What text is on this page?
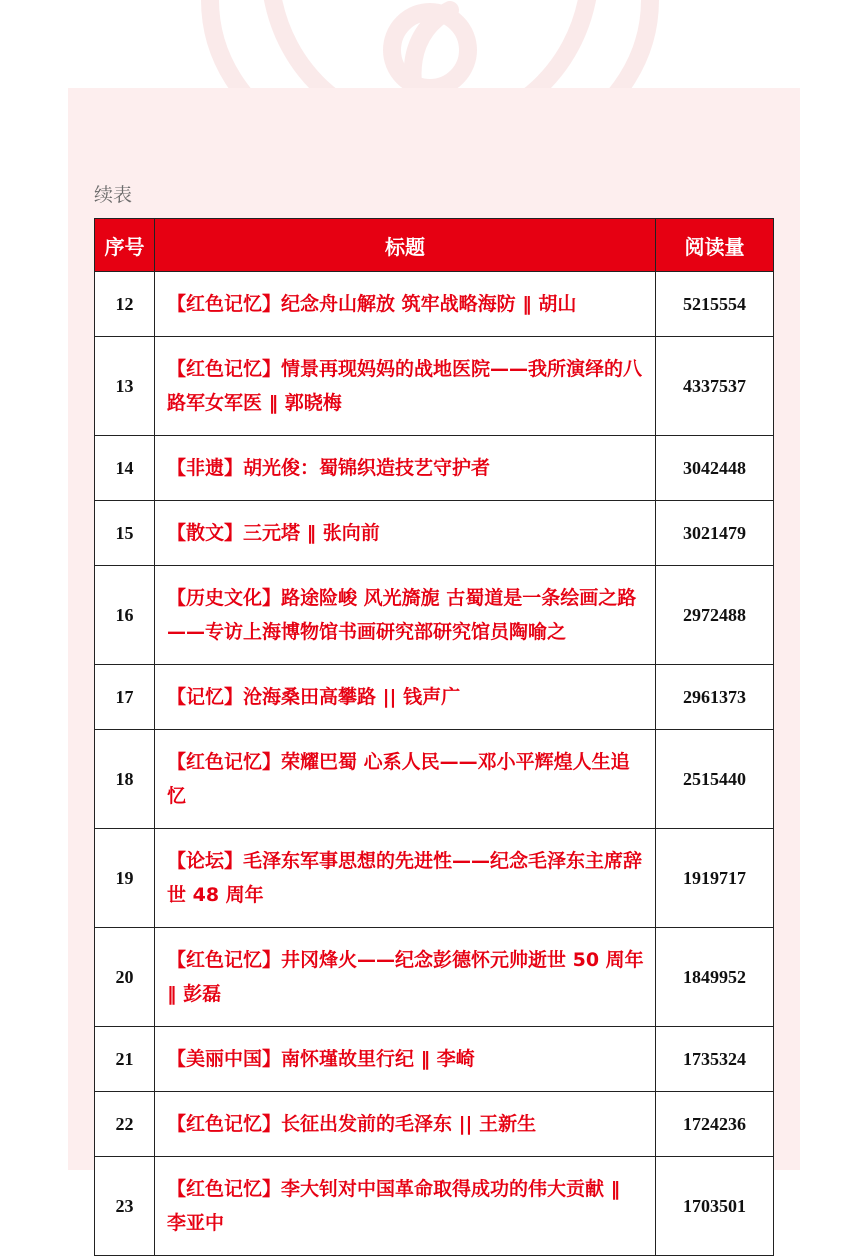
续表
序号	标题	阅读量
12	【红色记忆】纪念舟山解放 筑牢战略海防 ‖ 胡山	5215554
13	【红色记忆】情景再现妈妈的战地医院——我所演绎的八路军女军医 ‖ 郭晓梅	4337537
14	【非遗】胡光俊：蜀锦织造技艺守护者	3042448
15	【散文】三元塔 ‖ 张向前	3021479
16	【历史文化】路途险峻 风光旖旎 古蜀道是一条绘画之路——专访上海博物馆书画研究部研究馆员陶喻之	2972488
17	【记忆】沧海桑田高攀路 || 钱声广	2961373
18	【红色记忆】荣耀巴蜀 心系人民——邓小平辉煌人生追忆	2515440
19	【论坛】毛泽东军事思想的先进性——纪念毛泽东主席辞世 48 周年	1919717
20	【红色记忆】井冈烽火——纪念彭德怀元帅逝世 50 周年 ‖ 彭磊	1849952
21	【美丽中国】南怀瑾故里行纪 ‖ 李崎	1735324
22	【红色记忆】长征出发前的毛泽东 || 王新生	1724236
23	【红色记忆】李大钊对中国革命取得成功的伟大贡献 ‖ 李亚中	1703501
